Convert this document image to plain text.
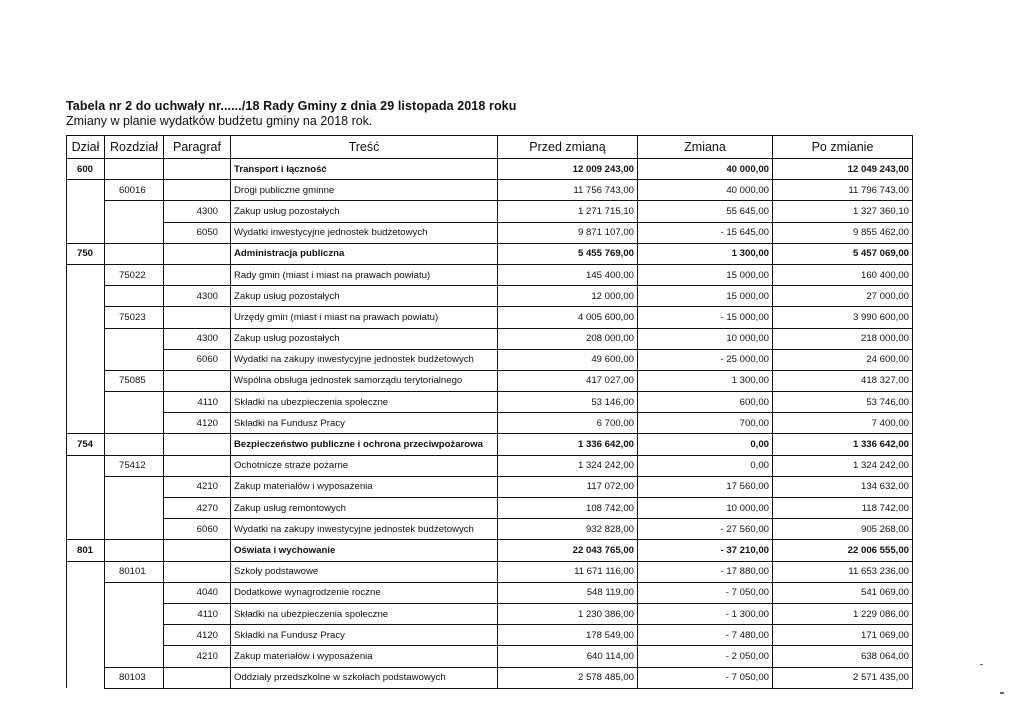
Tabela nr 2 do uchwały nr....../18 Rady Gminy z dnia 29 listopada 2018 roku
Zmiany w planie wydatków budżetu gminy na 2018 rok.
Dział	Rozdział	Paragraf	Treść	Przed zmianą	Zmiana	Po zmianie
600			Transport i łączność	12 009 243,00	40 000,00	12 049 243,00
	60016		Drogi publiczne gminne	11 756 743,00	40 000,00	11 796 743,00
		4300	Zakup usług pozostałych	1 271 715,10	55 645,00	1 327 360,10
		6050	Wydatki inwestycyjne jednostek budżetowych	9 871 107,00	- 15 645,00	9 855 462,00
750			Administracja publiczna	5 455 769,00	1 300,00	5 457 069,00
	75022		Rady gmin (miast i miast na prawach powiatu)	145 400,00	15 000,00	160 400,00
		4300	Zakup usług pozostałych	12 000,00	15 000,00	27 000,00
	75023		Urzędy gmin (miast i miast na prawach powiatu)	4 005 600,00	- 15 000,00	3 990 600,00
		4300	Zakup usług pozostałych	208 000,00	10 000,00	218 000,00
		6060	Wydatki na zakupy inwestycyjne jednostek budżetowych	49 600,00	- 25 000,00	24 600,00
	75085		Wspólna obsługa jednostek samorządu terytorialnego	417 027,00	1 300,00	418 327,00
		4110	Składki na ubezpieczenia społeczne	53 146,00	600,00	53 746,00
		4120	Składki na Fundusz Pracy	6 700,00	700,00	7 400,00
754			Bezpieczeństwo publiczne i ochrona przeciwpożarowa	1 336 642,00	0,00	1 336 642,00
	75412		Ochotnicze straże pożarne	1 324 242,00	0,00	1 324 242,00
		4210	Zakup materiałów i wyposażenia	117 072,00	17 560,00	134 632,00
		4270	Zakup usług remontowych	108 742,00	10 000,00	118 742,00
		6060	Wydatki na zakupy inwestycyjne jednostek budżetowych	932 828,00	- 27 560,00	905 268,00
801			Oświata i wychowanie	22 043 765,00	- 37 210,00	22 006 555,00
	80101		Szkoły podstawowe	11 671 116,00	- 17 880,00	11 653 236,00
		4040	Dodatkowe wynagrodzenie roczne	548 119,00	- 7 050,00	541 069,00
		4110	Składki na ubezpieczenia społeczne	1 230 386,00	- 1 300,00	1 229 086,00
		4120	Składki na Fundusz Pracy	178 549,00	- 7 480,00	171 069,00
		4210	Zakup materiałów i wyposażenia	640 114,00	- 2 050,00	638 064,00
	80103		Oddziały przedszkolne w szkołach podstawowych	2 578 485,00	- 7 050,00	2 571 435,00
